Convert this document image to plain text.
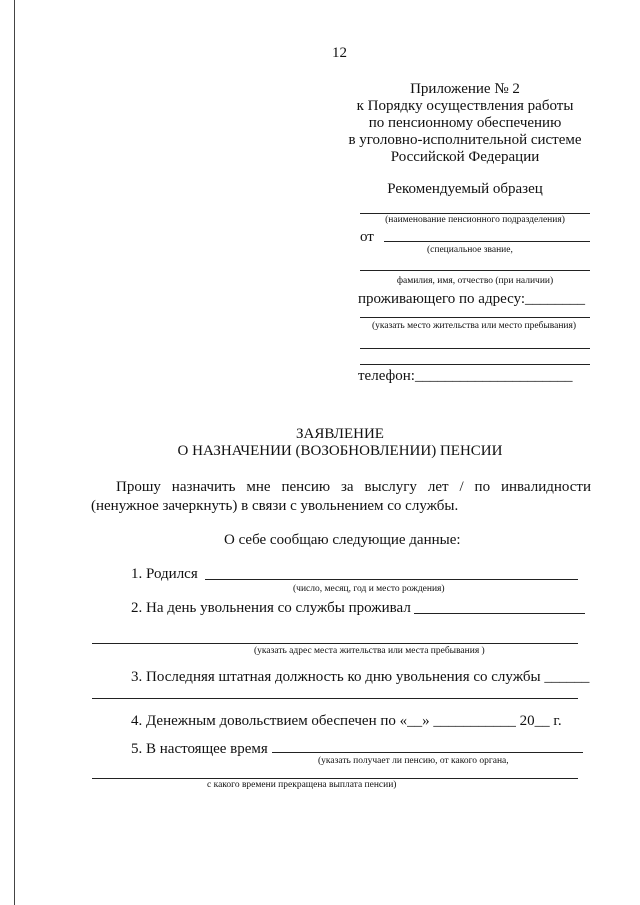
12
Приложение № 2
к Порядку осуществления работы
по пенсионному обеспечению
в уголовно-исполнительной системе
Российской Федерации
Рекомендуемый образец
(наименование пенсионного подразделения)
от
(специальное звание,
фамилия, имя, отчество (при наличии)
проживающего по адресу:________
(указать место жительства или место пребывания)
телефон:_____________________
ЗАЯВЛЕНИЕ
О НАЗНАЧЕНИИ (ВОЗОБНОВЛЕНИИ) ПЕНСИИ
Прошу назначить мне пенсию за выслугу лет / по инвалидности (ненужное зачеркнуть) в связи с увольнением со службы.
О себе сообщаю следующие данные:
1. Родился
(число, месяц, год и место рождения)
2. На день увольнения со службы проживал
(указать адрес места жительства или места пребывания )
3. Последняя штатная должность ко дню увольнения со службы ______
4. Денежным довольствием обеспечен по «__» ___________ 20__ г.
5. В настоящее время
(указать получает ли пенсию, от какого органа,
с какого времени прекращена выплата пенсии)
